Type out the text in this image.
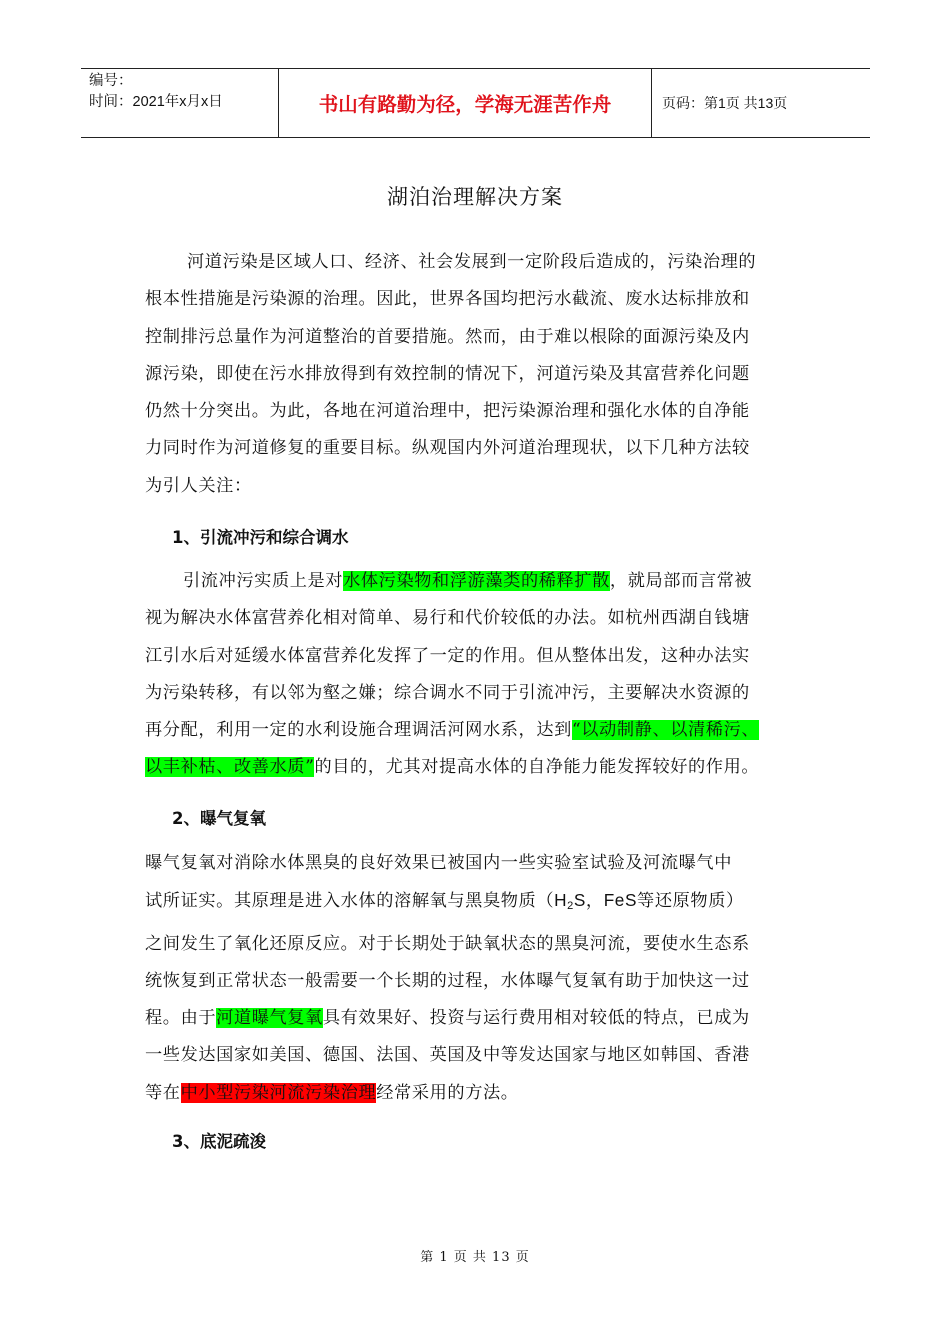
编号：
时间：2021年x月x日	书山有路勤为径，学海无涯苦作舟	页码：第1页 共13页
湖泊治理解决方案
河道污染是区域人口、经济、社会发展到一定阶段后造成的，污染治理的
根本性措施是污染源的治理。因此，世界各国均把污水截流、废水达标排放和
控制排污总量作为河道整治的首要措施。然而，由于难以根除的面源污染及内
源污染，即使在污水排放得到有效控制的情况下，河道污染及其富营养化问题
仍然十分突出。为此，各地在河道治理中，把污染源治理和强化水体的自净能
力同时作为河道修复的重要目标。纵观国内外河道治理现状，以下几种方法较
为引人关注：
1、引流冲污和综合调水
引流冲污实质上是对水体污染物和浮游藻类的稀释扩散，就局部而言常被
视为解决水体富营养化相对简单、易行和代价较低的办法。如杭州西湖自钱塘
江引水后对延缓水体富营养化发挥了一定的作用。但从整体出发，这种办法实
为污染转移，有以邻为壑之嫌；综合调水不同于引流冲污，主要解决水资源的
再分配，利用一定的水利设施合理调活河网水系，达到“以动制静、以清稀污、
以丰补枯、改善水质”的目的，尤其对提高水体的自净能力能发挥较好的作用。
2、曝气复氧
曝气复氧对消除水体黑臭的良好效果已被国内一些实验室试验及河流曝气中
试所证实。其原理是进入水体的溶解氧与黑臭物质（$H_2S$，FeS等还原物质）
之间发生了氧化还原反应。对于长期处于缺氧状态的黑臭河流，要使水生态系
统恢复到正常状态一般需要一个长期的过程，水体曝气复氧有助于加快这一过
程。由于河道曝气复氧具有效果好、投资与运行费用相对较低的特点，已成为
一些发达国家如美国、德国、法国、英国及中等发达国家与地区如韩国、香港
等在中小型污染河流污染治理经常采用的方法。
3、底泥疏浚
第 1 页 共 13 页
